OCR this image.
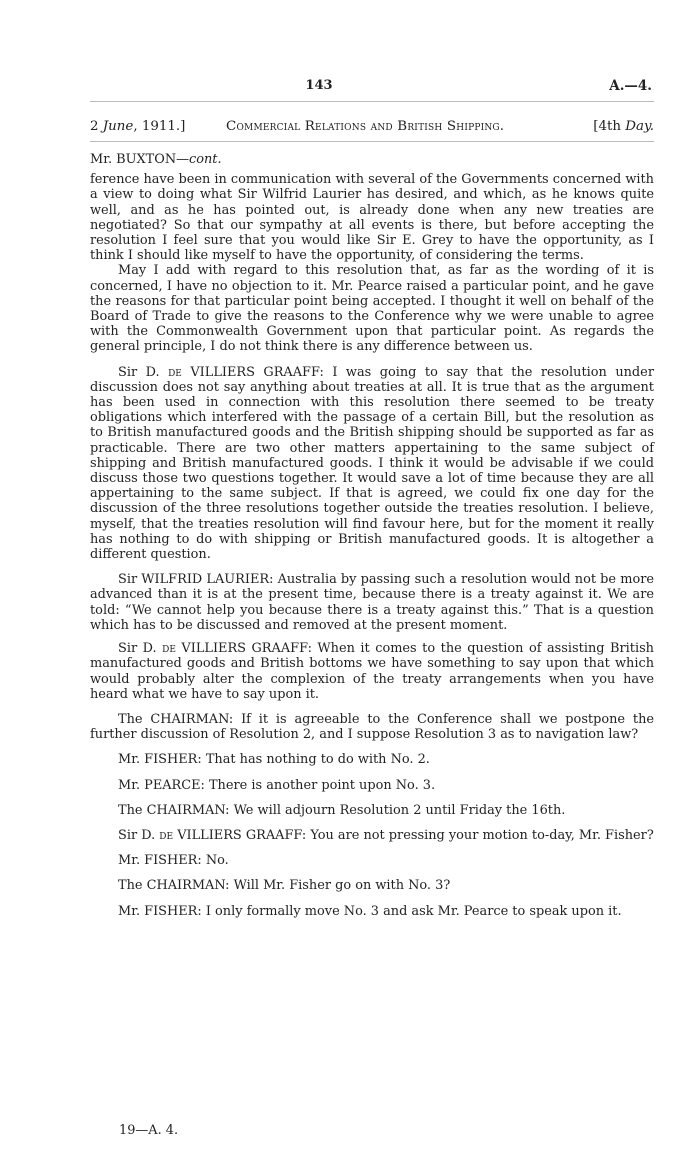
143	A.—4.
2 June, 1911.]	Commercial Relations and British Shipping.	[4th Day.

Mr. BUXTON—cont.

ference have been in communication with several of the Governments concerned with a view to doing what Sir Wilfrid Laurier has desired, and which, as he knows quite well, and as he has pointed out, is already done when any new treaties are negotiated? So that our sympathy at all events is there, but before accepting the resolution I feel sure that you would like Sir E. Grey to have the opportunity, as I think I should like myself to have the opportunity, of considering the terms.

May I add with regard to this resolution that, as far as the wording of it is concerned, I have no objection to it. Mr. Pearce raised a particular point, and he gave the reasons for that particular point being accepted. I thought it well on behalf of the Board of Trade to give the reasons to the Conference why we were unable to agree with the Commonwealth Government upon that particular point. As regards the general principle, I do not think there is any difference between us.

Sir D. de VILLIERS GRAAFF: I was going to say that the resolution under discussion does not say anything about treaties at all. It is true that as the argument has been used in connection with this resolution there seemed to be treaty obligations which interfered with the passage of a certain Bill, but the resolution as to British manufactured goods and the British shipping should be supported as far as practicable. There are two other matters appertaining to the same subject of shipping and British manufactured goods. I think it would be advisable if we could discuss those two questions together. It would save a lot of time because they are all appertaining to the same subject. If that is agreed, we could fix one day for the discussion of the three resolutions together outside the treaties resolution. I believe, myself, that the treaties resolution will find favour here, but for the moment it really has nothing to do with shipping or British manufactured goods. It is altogether a different question.

Sir WILFRID LAURIER: Australia by passing such a resolution would not be more advanced than it is at the present time, because there is a treaty against it. We are told: “We cannot help you because there is a treaty against this.” That is a question which has to be discussed and removed at the present moment.

Sir D. de VILLIERS GRAAFF: When it comes to the question of assisting British manufactured goods and British bottoms we have something to say upon that which would probably alter the complexion of the treaty arrangements when you have heard what we have to say upon it.

The CHAIRMAN: If it is agreeable to the Conference shall we postpone the further discussion of Resolution 2, and I suppose Resolution 3 as to navigation law?

Mr. FISHER: That has nothing to do with No. 2.

Mr. PEARCE: There is another point upon No. 3.

The CHAIRMAN: We will adjourn Resolution 2 until Friday the 16th.

Sir D. de VILLIERS GRAAFF: You are not pressing your motion to-day, Mr. Fisher?

Mr. FISHER: No.

The CHAIRMAN: Will Mr. Fisher go on with No. 3?

Mr. FISHER: I only formally move No. 3 and ask Mr. Pearce to speak upon it.

19—A. 4.
